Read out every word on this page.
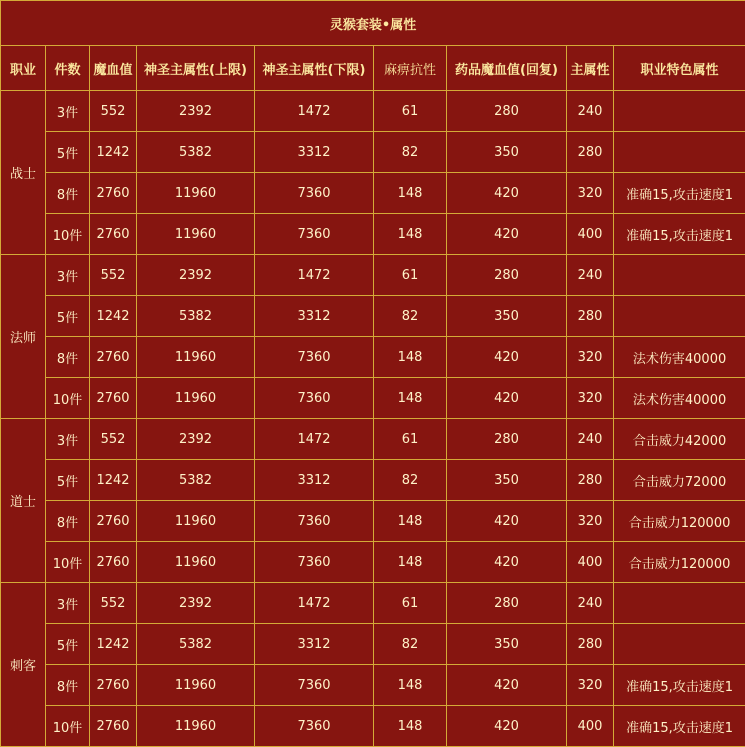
灵猴套装•属性								
职业	件数	魔血值	神圣主属性(上限)	神圣主属性(下限)	麻痹抗性	药品魔血值(回复)	主属性	职业特色属性
战士	3件	552	2392	1472	61	280	240	
	5件	1242	5382	3312	82	350	280	
	8件	2760	11960	7360	148	420	320	准确15,攻击速度1
	10件	2760	11960	7360	148	420	400	准确15,攻击速度1
法师	3件	552	2392	1472	61	280	240	
	5件	1242	5382	3312	82	350	280	
	8件	2760	11960	7360	148	420	320	法术伤害40000
	10件	2760	11960	7360	148	420	320	法术伤害40000
道士	3件	552	2392	1472	61	280	240	合击威力42000
	5件	1242	5382	3312	82	350	280	合击威力72000
	8件	2760	11960	7360	148	420	320	合击威力120000
	10件	2760	11960	7360	148	420	400	合击威力120000
刺客	3件	552	2392	1472	61	280	240	
	5件	1242	5382	3312	82	350	280	
	8件	2760	11960	7360	148	420	320	准确15,攻击速度1
	10件	2760	11960	7360	148	420	400	准确15,攻击速度1
